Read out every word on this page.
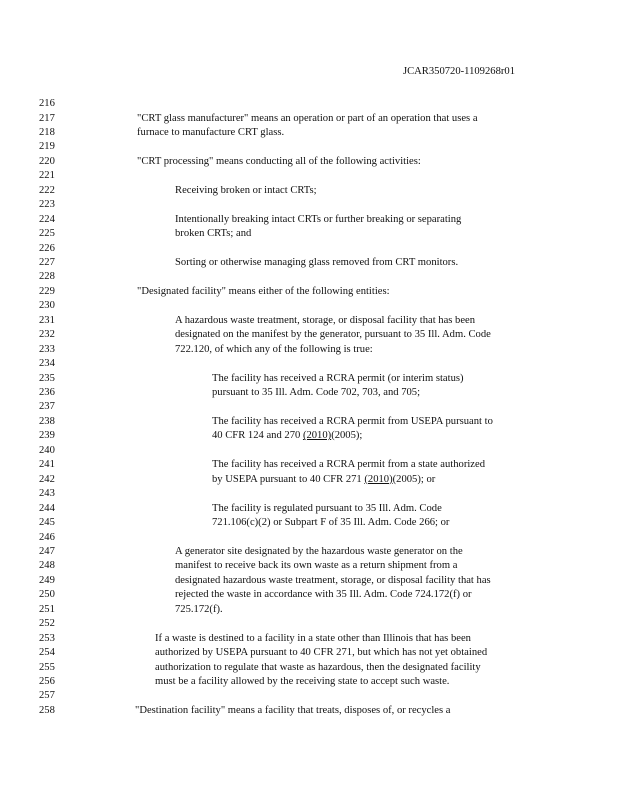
JCAR350720-1109268r01
216
217	"CRT glass manufacturer" means an operation or part of an operation that uses a
218	furnace to manufacture CRT glass.
219
220	"CRT processing" means conducting all of the following activities:
221
222	Receiving broken or intact CRTs;
223
224	Intentionally breaking intact CRTs or further breaking or separating
225	broken CRTs; and
226
227	Sorting or otherwise managing glass removed from CRT monitors.
228
229	"Designated facility" means either of the following entities:
230
231	A hazardous waste treatment, storage, or disposal facility that has been
232	designated on the manifest by the generator, pursuant to 35 Ill. Adm. Code
233	722.120, of which any of the following is true:
234
235	The facility has received a RCRA permit (or interim status)
236	pursuant to 35 Ill. Adm. Code 702, 703, and 705;
237
238	The facility has received a RCRA permit from USEPA pursuant to
239	40 CFR 124 and 270 (2010)(2005);
240
241	The facility has received a RCRA permit from a state authorized
242	by USEPA pursuant to 40 CFR 271 (2010)(2005); or
243
244	The facility is regulated pursuant to 35 Ill. Adm. Code
245	721.106(c)(2) or Subpart F of 35 Ill. Adm. Code 266; or
246
247	A generator site designated by the hazardous waste generator on the
248	manifest to receive back its own waste as a return shipment from a
249	designated hazardous waste treatment, storage, or disposal facility that has
250	rejected the waste in accordance with 35 Ill. Adm. Code 724.172(f) or
251	725.172(f).
252
253	If a waste is destined to a facility in a state other than Illinois that has been
254	authorized by USEPA pursuant to 40 CFR 271, but which has not yet obtained
255	authorization to regulate that waste as hazardous, then the designated facility
256	must be a facility allowed by the receiving state to accept such waste.
257
258	"Destination facility" means a facility that treats, disposes of, or recycles a
